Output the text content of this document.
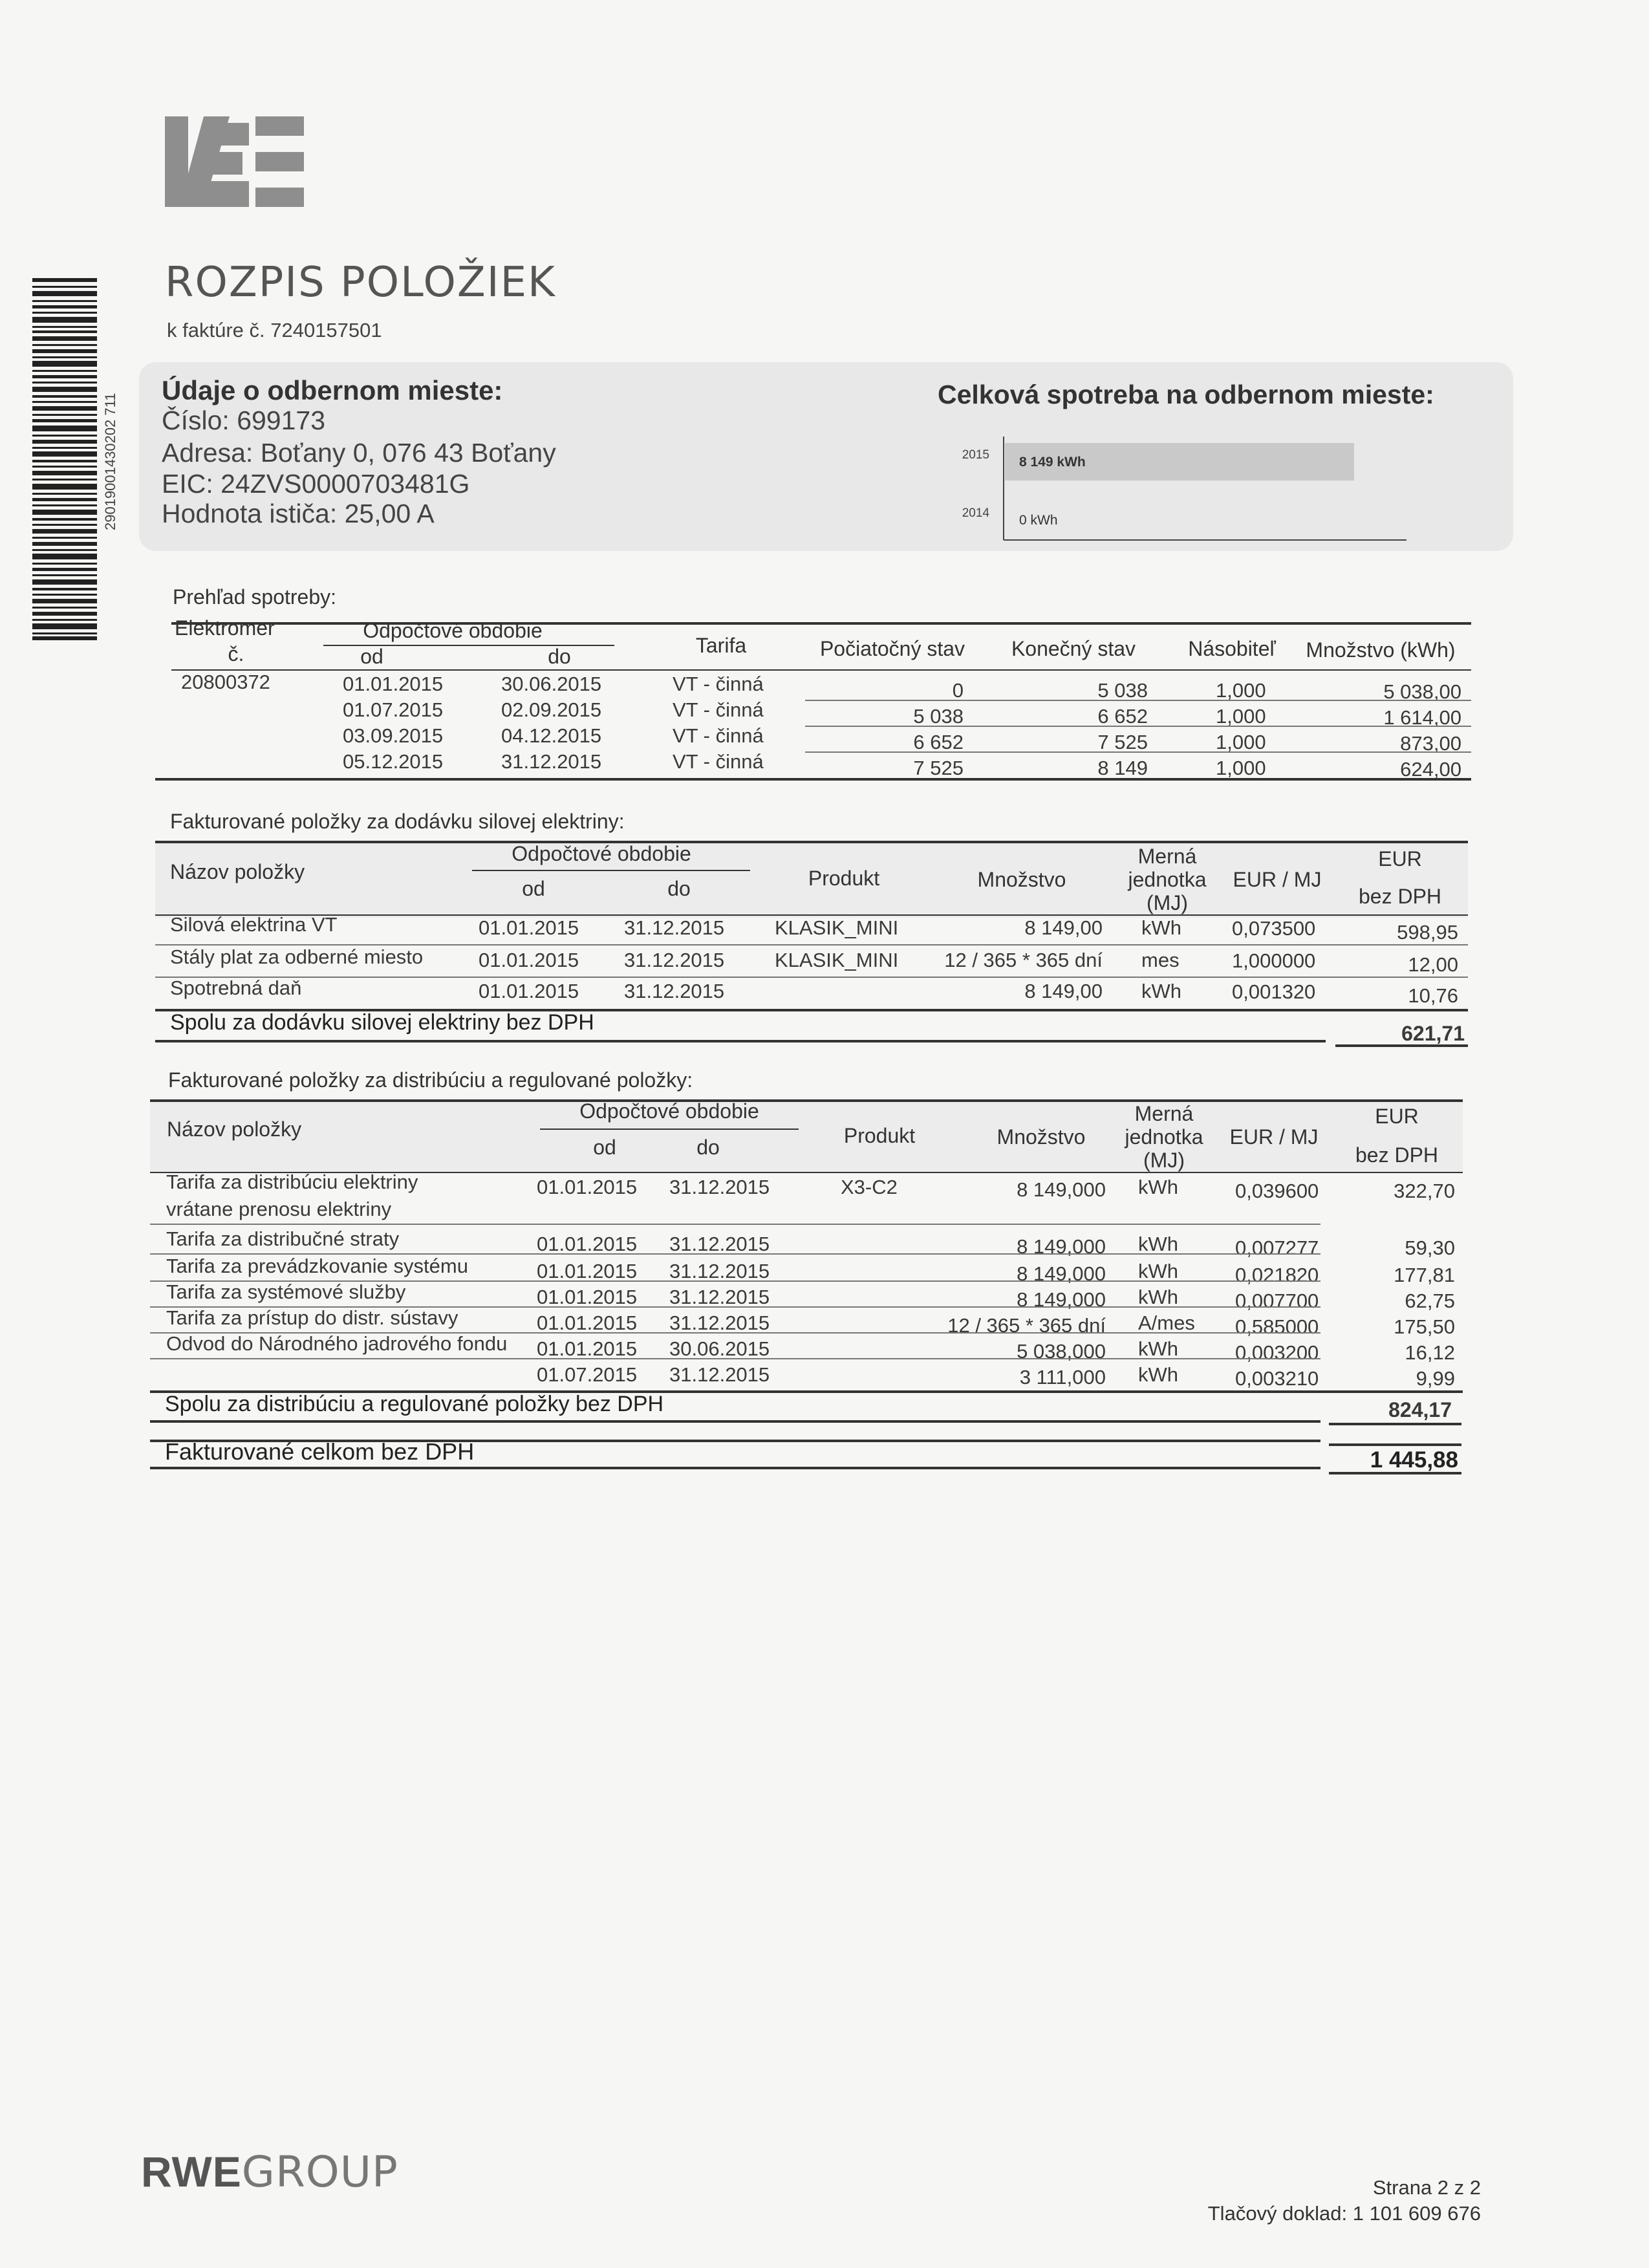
29019001430202 711
ROZPIS POLOŽIEK
k faktúre č. 7240157501
Údaje o odbernom mieste:
Číslo: 699173
Adresa: Boťany 0, 076 43 Boťany
EIC: 24ZVS0000703481G
Hodnota ističa: 25,00 A
Celková spotreba na odbernom mieste:
2015 8 149 kWh
2014 0 kWh
Prehľad spotreby:
Elektromer
č.
Odpočtové obdobie
od	do	Tarifa	Počiatočný stav	Konečný stav	Násobiteľ	Množstvo (kWh)
20800372	01.01.2015	30.06.2015	VT - činná	0	5 038	1,000	5 038,00
01.07.2015	02.09.2015	VT - činná	5 038	6 652	1,000	1 614,00
03.09.2015	04.12.2015	VT - činná	6 652	7 525	1,000	873,00
05.12.2015	31.12.2015	VT - činná	7 525	8 149	1,000	624,00
Fakturované položky za dodávku silovej elektriny:
Názov položky
Odpočtové obdobie
od	do	Produkt	Množstvo
Merná
jednotka
(MJ)
EUR / MJ
EUR
bez DPH
Silová elektrina VT	01.01.2015 31.12.2015	KLASIK_MINI	8 149,00 kWh	0,073500	598,95
Stály plat za odberné miesto	01.01.2015 31.12.2015	KLASIK_MINI	12 / 365 * 365 dní mes	1,000000	12,00
Spotrebná daň	01.01.2015 31.12.2015	8 149,00 kWh	0,001320	10,76
Spolu za dodávku silovej elektriny bez DPH	621,71
Fakturované položky za distribúciu a regulované položky:
Názov položky
Odpočtové obdobie
od	do	Produkt	Množstvo
Merná
jednotka
(MJ)
EUR / MJ
EUR
bez DPH
Tarifa za distribúciu elektriny
vrátane prenosu elektriny
01.01.2015 31.12.2015	X3-C2	8 149,000 kWh	0,039600	322,70
Tarifa za distribučné straty	01.01.2015 31.12.2015	8 149,000 kWh	0,007277	59,30
Tarifa za prevádzkovanie systému	01.01.2015 31.12.2015	8 149,000 kWh	0,021820	177,81
Tarifa za systémové služby	01.01.2015 31.12.2015	8 149,000 kWh	0,007700	62,75
Tarifa za prístup do distr. sústavy	01.01.2015 31.12.2015	12 / 365 * 365 dní A/mes 0,585000	175,50
Odvod do Národného jadrového fondu 01.01.2015 30.06.2015	5 038,000 kWh	0,003200	16,12
01.07.2015 31.12.2015	3 111,000 kWh	0,003210	9,99
Spolu za distribúciu a regulované položky bez DPH	824,17
Fakturované celkom bez DPH	1 445,88
RWEGROUP	Strana 2 z 2
Tlačový doklad: 1 101 609 676
